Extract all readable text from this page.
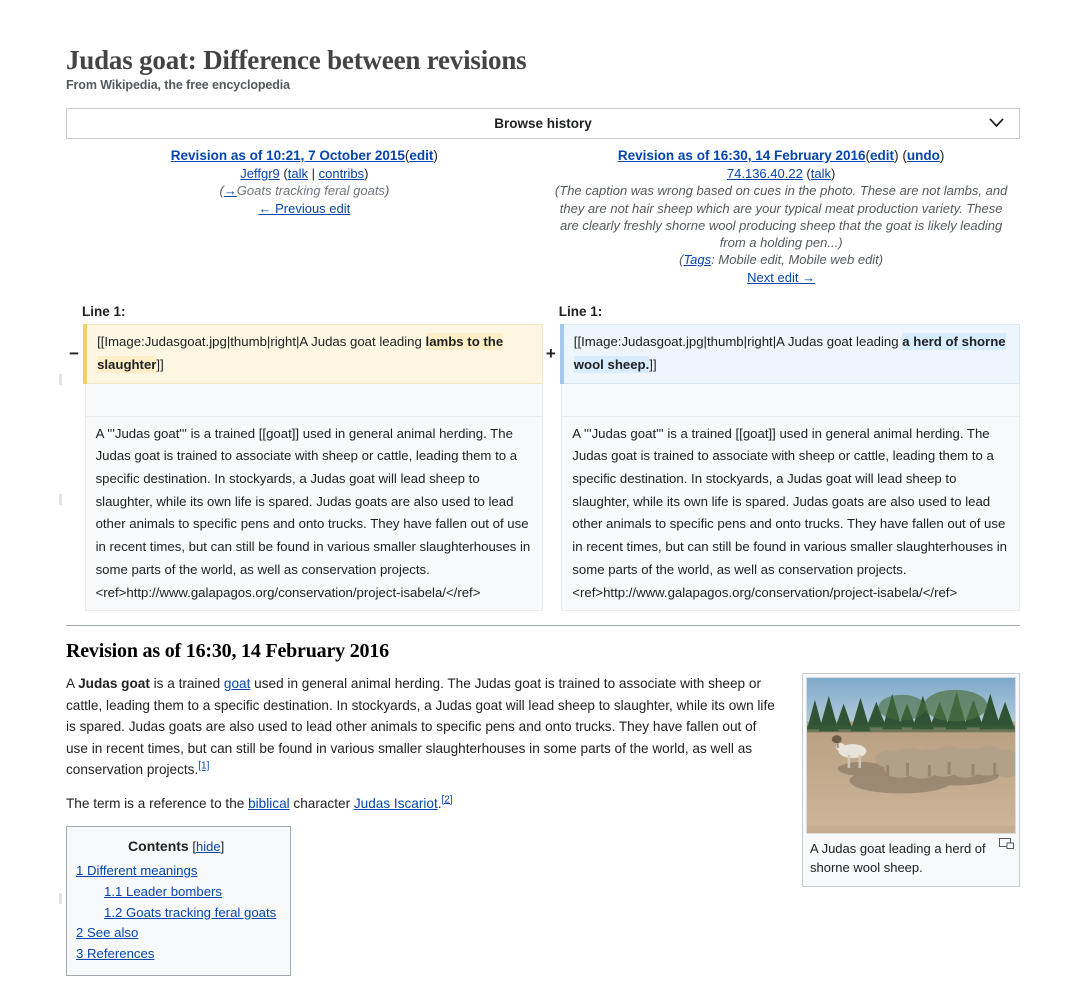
Judas goat: Difference between revisions
From Wikipedia, the free encyclopedia
Browse history
Revision as of 10:21, 7 October 2015(edit)
Jeffgr9 (talk | contribs)
(→Goats tracking feral goats)
← Previous edit

Revision as of 16:30, 14 February 2016(edit) (undo)
74.136.40.22 (talk)
(The caption was wrong based on cues in the photo. These are not lambs, and they are not hair sheep which are your typical meat production variety. These are clearly freshly shorne wool producing sheep that the goat is likely leading from a holding pen...)
(Tags: Mobile edit, Mobile web edit)
Next edit →

Line 1:		Line 1:	
−	[[Image:Judasgoat.jpg|thumb|right|A Judas goat leading lambs to the slaughter]]	+	[[Image:Judasgoat.jpg|thumb|right|A Judas goat leading a herd of shorne wool sheep.]]

	A '''Judas goat''' is a trained [[goat]] used in general animal herding. The Judas goat is trained to associate with sheep or cattle, leading them to a specific destination. In stockyards, a Judas goat will lead sheep to slaughter, while its own life is spared. Judas goats are also used to lead other animals to specific pens and onto trucks. They have fallen out of use in recent times, but can still be found in various smaller slaughterhouses in some parts of the world, as well as conservation projects.<ref>http://www.galapagos.org/conservation/project-isabela/</ref>		A '''Judas goat''' is a trained [[goat]] used in general animal herding. The Judas goat is trained to associate with sheep or cattle, leading them to a specific destination. In stockyards, a Judas goat will lead sheep to slaughter, while its own life is spared. Judas goats are also used to lead other animals to specific pens and onto trucks. They have fallen out of use in recent times, but can still be found in various smaller slaughterhouses in some parts of the world, as well as conservation projects.<ref>http://www.galapagos.org/conservation/project-isabela/</ref>
Revision as of 16:30, 14 February 2016
A Judas goat leading a herd of shorne wool sheep.

A Judas goat is a trained goat used in general animal herding. The Judas goat is trained to associate with sheep or cattle, leading them to a specific destination. In stockyards, a Judas goat will lead sheep to slaughter, while its own life is spared. Judas goats are also used to lead other animals to specific pens and onto trucks. They have fallen out of use in recent times, but can still be found in various smaller slaughterhouses in some parts of the world, as well as conservation projects.[1]

The term is a reference to the biblical character Judas Iscariot.[2]

Contents [hide]
1 Different meanings
1.1 Leader bombers
1.2 Goats tracking feral goats
2 See also
3 References
